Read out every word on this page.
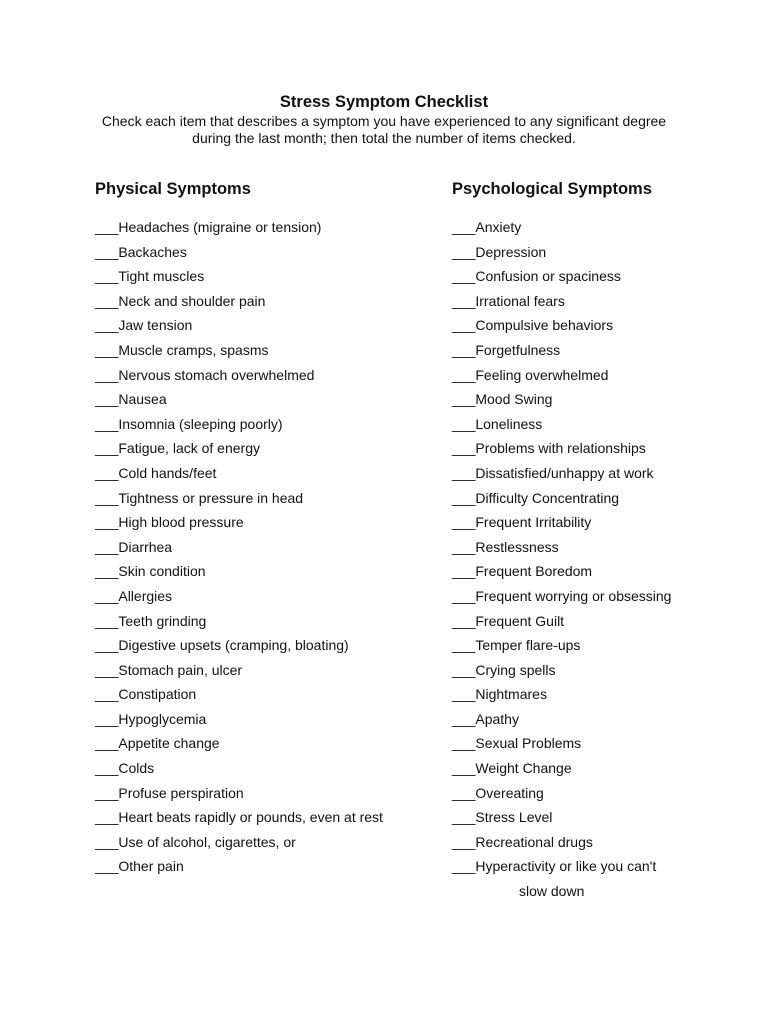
Stress Symptom Checklist
Check each item that describes a symptom you have experienced to any significant degree
during the last month; then total the number of items checked.
Physical Symptoms
___Headaches (migraine or tension)
___Backaches
___Tight muscles
___Neck and shoulder pain
___Jaw tension
___Muscle cramps, spasms
___Nervous stomach overwhelmed
___Nausea
___Insomnia (sleeping poorly)
___Fatigue, lack of energy
___Cold hands/feet
___Tightness or pressure in head
___High blood pressure
___Diarrhea
___Skin condition
___Allergies
___Teeth grinding
___Digestive upsets (cramping, bloating)
___Stomach pain, ulcer
___Constipation
___Hypoglycemia
___Appetite change
___Colds
___Profuse perspiration
___Heart beats rapidly or pounds, even at rest
___Use of alcohol, cigarettes, or
___Other pain
Psychological Symptoms
___Anxiety
___Depression
___Confusion or spaciness
___Irrational fears
___Compulsive behaviors
___Forgetfulness
___Feeling overwhelmed
___Mood Swing
___Loneliness
___Problems with relationships
___Dissatisfied/unhappy at work
___Difficulty Concentrating
___Frequent Irritability
___Restlessness
___Frequent Boredom
___Frequent worrying or obsessing
___Frequent Guilt
___Temper flare-ups
___Crying spells
___Nightmares
___Apathy
___Sexual Problems
___Weight Change
___Overeating
___Stress Level
___Recreational drugs
___Hyperactivity or like you can't
slow down
